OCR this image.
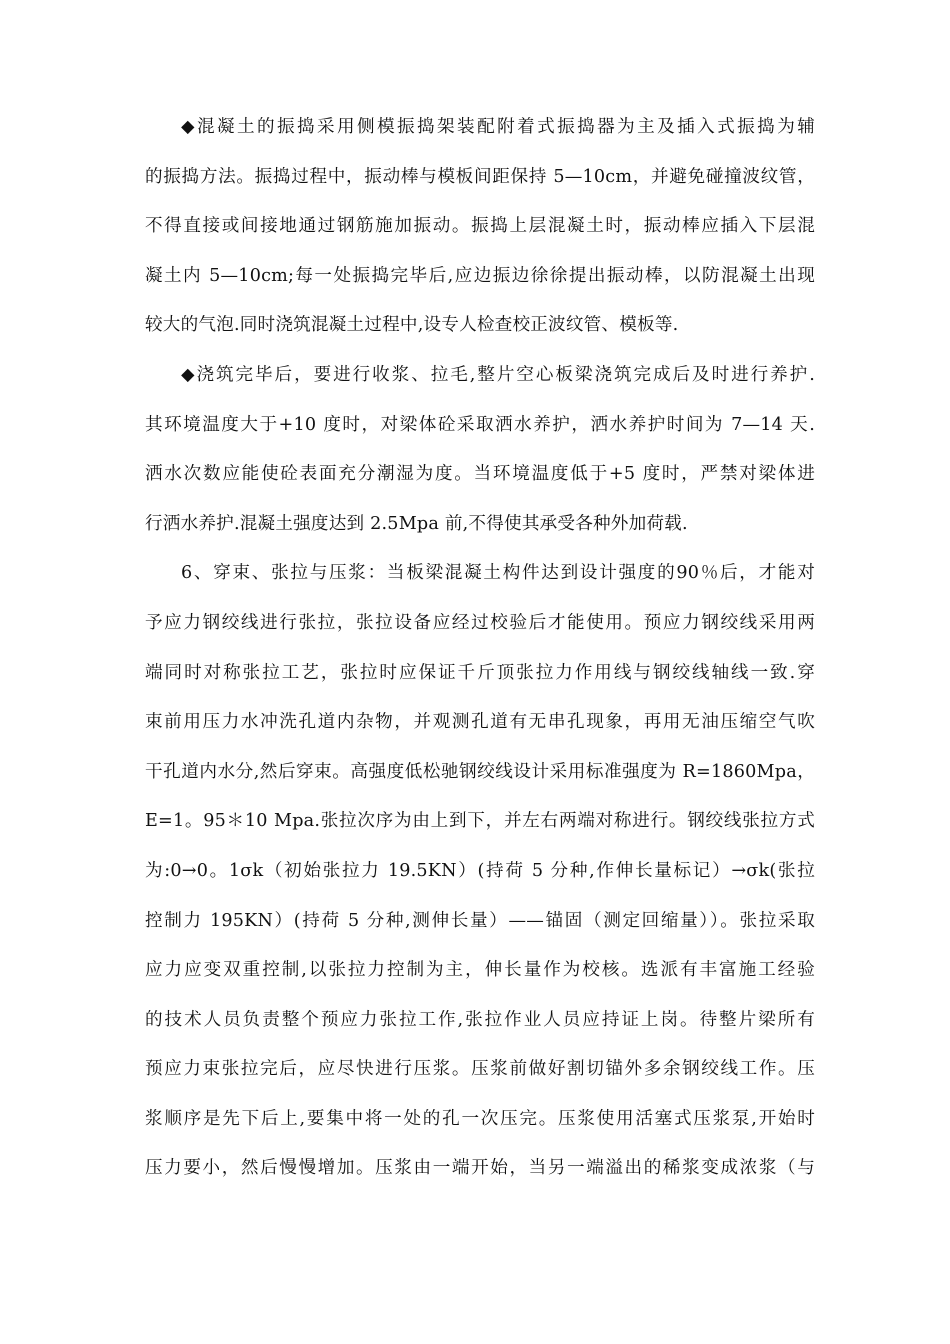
◆混凝土的振捣采用侧模振捣架装配附着式振捣器为主及插入式振捣为辅
的振捣方法。振捣过程中，振动棒与模板间距保持 5—10cm，并避免碰撞波纹管，
不得直接或间接地通过钢筋施加振动。振捣上层混凝土时，振动棒应插入下层混
凝土内 5—10cm;每一处振捣完毕后,应边振边徐徐提出振动棒，以防混凝土出现
较大的气泡.同时浇筑混凝土过程中,设专人检查校正波纹管、模板等.
◆浇筑完毕后，要进行收浆、拉毛,整片空心板梁浇筑完成后及时进行养护.
其环境温度大于+10 度时，对梁体砼采取洒水养护，洒水养护时间为 7—14 天.
洒水次数应能使砼表面充分潮湿为度。当环境温度低于+5 度时，严禁对梁体进
行洒水养护.混凝土强度达到 2.5Mpa 前,不得使其承受各种外加荷载.
6、穿束、张拉与压浆：当板梁混凝土构件达到设计强度的90％后，才能对
予应力钢绞线进行张拉，张拉设备应经过校验后才能使用。预应力钢绞线采用两
端同时对称张拉工艺，张拉时应保证千斤顶张拉力作用线与钢绞线轴线一致.穿
束前用压力水冲洗孔道内杂物，并观测孔道有无串孔现象，再用无油压缩空气吹
干孔道内水分,然后穿束。高强度低松驰钢绞线设计采用标准强度为 R=1860Mpa，
E=1。95＊10 Mpa.张拉次序为由上到下，并左右两端对称进行。钢绞线张拉方式
为:0→0。1σk（初始张拉力 19.5KN）(持荷 5 分种,作伸长量标记）→σk(张拉
控制力 195KN）(持荷 5 分种,测伸长量）——锚固（测定回缩量））。张拉采取
应力应变双重控制,以张拉力控制为主，伸长量作为校核。选派有丰富施工经验
的技术人员负责整个预应力张拉工作,张拉作业人员应持证上岗。待整片梁所有
预应力束张拉完后，应尽快进行压浆。压浆前做好割切锚外多余钢绞线工作。压
浆顺序是先下后上,要集中将一处的孔一次压完。压浆使用活塞式压浆泵,开始时
压力要小，然后慢慢增加。压浆由一端开始，当另一端溢出的稀浆变成浓浆（与
